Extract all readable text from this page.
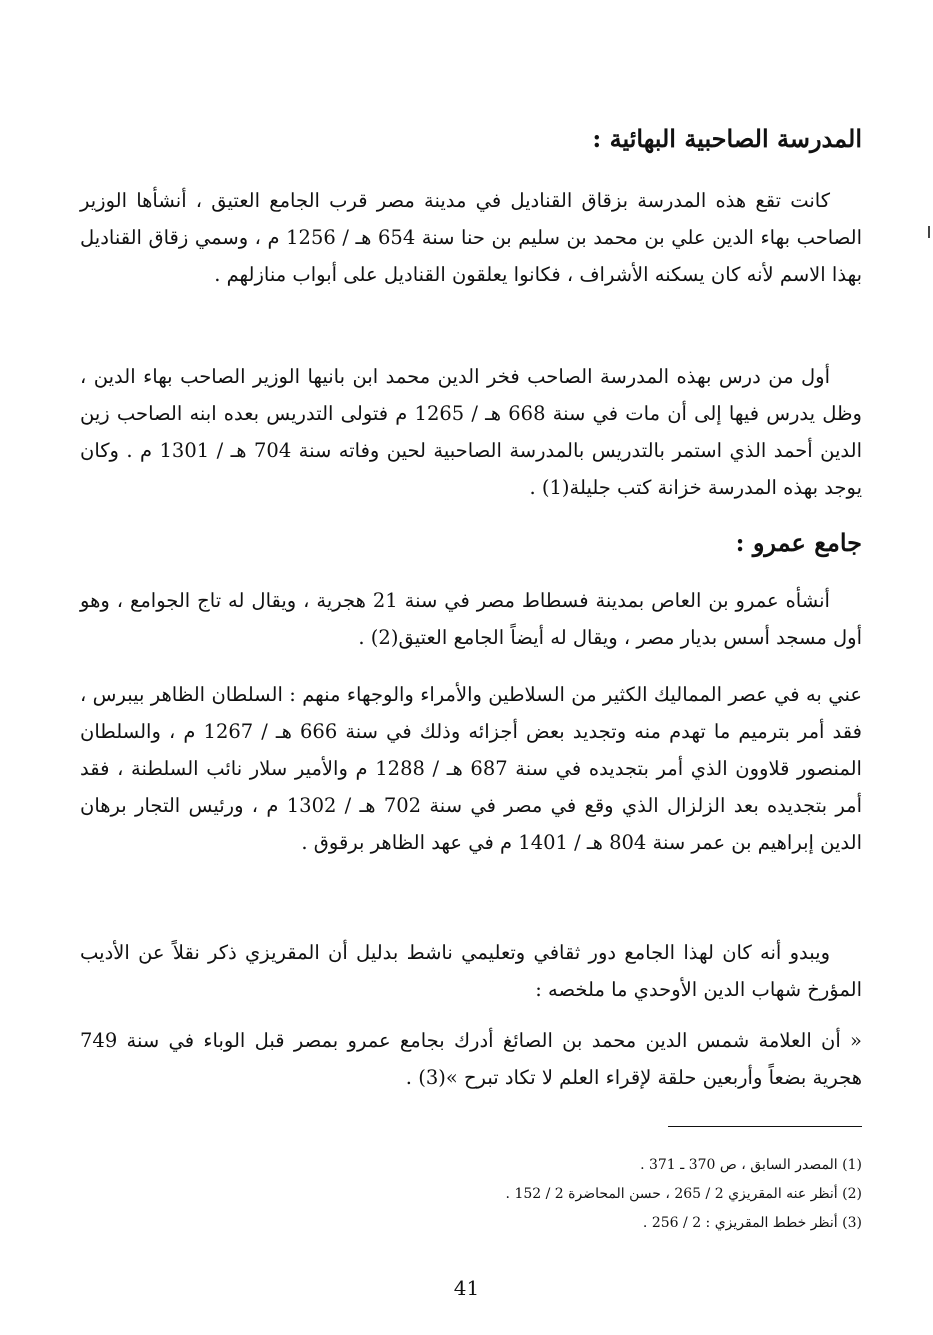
المدرسة الصاحبية البهائية :

كانت تقع هذه المدرسة بزقاق القناديل في مدينة مصر قرب الجامع العتيق ، أنشأها الوزير الصاحب بهاء الدين علي بن محمد بن سليم بن حنا سنة 654 هـ / 1256 م ، وسمي زقاق القناديل بهذا الاسم لأنه كان يسكنه الأشراف ، فكانوا يعلقون القناديل على أبواب منازلهم .

أول من درس بهذه المدرسة الصاحب فخر الدين محمد ابن بانيها الوزير الصاحب بهاء الدين ، وظل يدرس فيها إلى أن مات في سنة 668 هـ / 1265 م فتولى التدريس بعده ابنه الصاحب زين الدين أحمد الذي استمر بالتدريس بالمدرسة الصاحبية لحين وفاته سنة 704 هـ / 1301 م . وكان يوجد بهذه المدرسة خزانة كتب جليلة(1) .

جامع عمرو :

أنشأه عمرو بن العاص بمدينة فسطاط مصر في سنة 21 هجرية ، ويقال له تاج الجوامع ، وهو أول مسجد أسس بديار مصر ، ويقال له أيضاً الجامع العتيق(2) .

عني به في عصر المماليك الكثير من السلاطين والأمراء والوجهاء منهم : السلطان الظاهر بيبرس ، فقد أمر بترميم ما تهدم منه وتجديد بعض أجزائه وذلك في سنة 666 هـ / 1267 م ، والسلطان المنصور قلاوون الذي أمر بتجديده في سنة 687 هـ / 1288 م والأمير سلار نائب السلطنة ، فقد أمر بتجديده بعد الزلزال الذي وقع في مصر في سنة 702 هـ / 1302 م ، ورئيس التجار برهان الدين إبراهيم بن عمر سنة 804 هـ / 1401 م في عهد الظاهر برقوق .

ويبدو أنه كان لهذا الجامع دور ثقافي وتعليمي ناشط بدليل أن المقريزي ذكر نقلاً عن الأديب المؤرخ شهاب الدين الأوحدي ما ملخصه :

« أن العلامة شمس الدين محمد بن الصائغ أدرك بجامع عمرو بمصر قبل الوباء في سنة 749 هجرية بضعاً وأربعين حلقة لإقراء العلم لا تكاد تبرح »(3) .

(1) المصدر السابق ، ص 370 ـ 371 .

(2) أنظر عنه المقريزي 2 / 265 ، حسن المحاضرة 2 / 152 .

(3) أنظر خطط المقريزي : 2 / 256 .

41
